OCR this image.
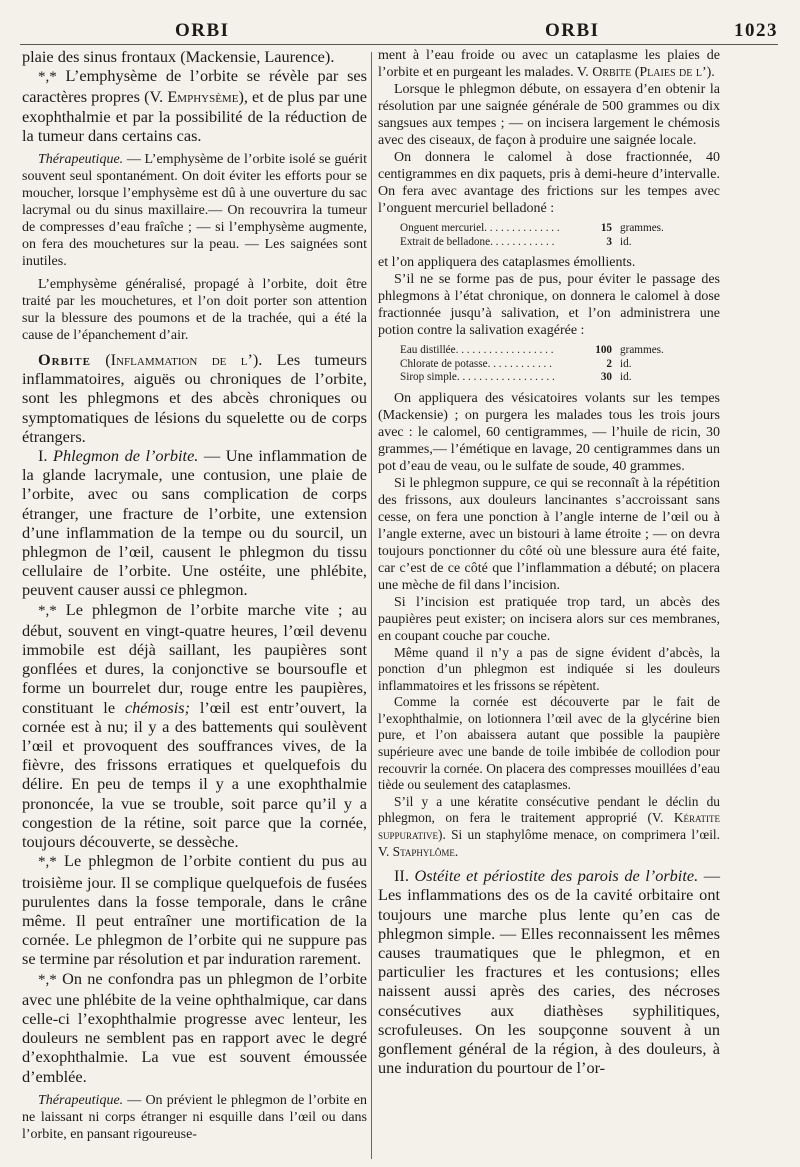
ORBI	ORBI	1023

plaie des sinus frontaux (Mackensie, Laurence).

*,* L’emphysème de l’orbite se révèle par ses caractères propres (V. Emphysème), et de plus par une exophthalmie et par la possibilité de la réduction de la tumeur dans certains cas.

Thérapeutique. — L’emphysème de l’orbite isolé se guérit souvent seul spontanément. On doit éviter les efforts pour se moucher, lorsque l’emphysème est dû à une ouverture du sac lacrymal ou du sinus maxillaire.— On recouvrira la tumeur de compresses d’eau fraîche ; — si l’emphysème augmente, on fera des mouchetures sur la peau. — Les saignées sont inutiles.

L’emphysème généralisé, propagé à l’orbite, doit être traité par les mouchetures, et l’on doit porter son attention sur la blessure des poumons et de la trachée, qui a été la cause de l’épanchement d’air.

Orbite (Inflammation de l’). Les tumeurs inflammatoires, aiguës ou chroniques de l’orbite, sont les phlegmons et des abcès chroniques ou symptomatiques de lésions du squelette ou de corps étrangers.

I. Phlegmon de l’orbite. — Une inflammation de la glande lacrymale, une contusion, une plaie de l’orbite, avec ou sans complication de corps étranger, une fracture de l’orbite, une extension d’une inflammation de la tempe ou du sourcil, un phlegmon de l’œil, causent le phlegmon du tissu cellulaire de l’orbite. Une ostéite, une phlébite, peuvent causer aussi ce phlegmon.

*,* Le phlegmon de l’orbite marche vite ; au début, souvent en vingt-quatre heures, l’œil devenu immobile est déjà saillant, les paupières sont gonflées et dures, la conjonctive se boursoufle et forme un bourrelet dur, rouge entre les paupières, constituant le chémosis; l’œil est entr’ouvert, la cornée est à nu; il y a des battements qui soulèvent l’œil et provoquent des souffrances vives, de la fièvre, des frissons erratiques et quelquefois du délire. En peu de temps il y a une exophthalmie prononcée, la vue se trouble, soit parce qu’il y a congestion de la rétine, soit parce que la cornée, toujours découverte, se dessèche.

*,* Le phlegmon de l’orbite contient du pus au troisième jour. Il se complique quelquefois de fusées purulentes dans la fosse temporale, dans le crâne même. Il peut entraîner une mortification de la cornée. Le phlegmon de l’orbite qui ne suppure pas se termine par résolution et par induration rarement.

*,* On ne confondra pas un phlegmon de l’orbite avec une phlébite de la veine ophthalmique, car dans celle-ci l’exophthalmie progresse avec lenteur, les douleurs ne semblent pas en rapport avec le degré d’exophthalmie. La vue est souvent émoussée d’emblée.

Thérapeutique. — On prévient le phlegmon de l’orbite en ne laissant ni corps étranger ni esquille dans l’œil ou dans l’orbite, en pansant rigoureuse-

ment à l’eau froide ou avec un cataplasme les plaies de l’orbite et en purgeant les malades. V. Orbite (Plaies de l’).

Lorsque le phlegmon débute, on essayera d’en obtenir la résolution par une saignée générale de 500 grammes ou dix sangsues aux tempes ; — on incisera largement le chémosis avec des ciseaux, de façon à produire une saignée locale.

On donnera le calomel à dose fractionnée, 40 centigrammes en dix paquets, pris à demi-heure d’intervalle. On fera avec avantage des frictions sur les tempes avec l’onguent mercuriel belladoné :

Onguent mercuriel. . . . . . . . . . . . . .	15 grammes.
Extrait de belladone. . . . . . . . . . . .	3 id.

et l’on appliquera des cataplasmes émollients.

S’il ne se forme pas de pus, pour éviter le passage des phlegmons à l’état chronique, on donnera le calomel à dose fractionnée jusqu’à salivation, et l’on administrera une potion contre la salivation exagérée :

Eau distillée. . . . . . . . . . . . . . . . . .	100 grammes.
Chlorate de potasse. . . . . . . . . . . .	2 id.
Sirop simple. . . . . . . . . . . . . . . . . .	30 id.

On appliquera des vésicatoires volants sur les tempes (Mackensie) ; on purgera les malades tous les trois jours avec : le calomel, 60 centigrammes, — l’huile de ricin, 30 grammes,— l’émétique en lavage, 20 centigrammes dans un pot d’eau de veau, ou le sulfate de soude, 40 grammes.

Si le phlegmon suppure, ce qui se reconnaît à la répétition des frissons, aux douleurs lancinantes s’accroissant sans cesse, on fera une ponction à l’angle interne de l’œil ou à l’angle externe, avec un bistouri à lame étroite ; — on devra toujours ponctionner du côté où une blessure aura été faite, car c’est de ce côté que l’inflammation a débuté; on placera une mèche de fil dans l’incision.

Si l’incision est pratiquée trop tard, un abcès des paupières peut exister; on incisera alors sur ces membranes, en coupant couche par couche.

Même quand il n’y a pas de signe évident d’abcès, la ponction d’un phlegmon est indiquée si les douleurs inflammatoires et les frissons se répètent.

Comme la cornée est découverte par le fait de l’exophthalmie, on lotionnera l’œil avec de la glycérine bien pure, et l’on abaissera autant que possible la paupière supérieure avec une bande de toile imbibée de collodion pour recouvrir la cornée. On placera des compresses mouillées d’eau tiède ou seulement des cataplasmes.

S’il y a une kératite consécutive pendant le déclin du phlegmon, on fera le traitement approprié (V. Kératite suppurative). Si un staphylôme menace, on comprimera l’œil. V. Staphylôme.

II. Ostéite et périostite des parois de l’orbite. — Les inflammations des os de la cavité orbitaire ont toujours une marche plus lente qu’en cas de phlegmon simple. — Elles reconnaissent les mêmes causes traumatiques que le phlegmon, et en particulier les fractures et les contusions; elles naissent aussi après des caries, des nécroses consécutives aux diathèses syphilitiques, scrofuleuses. On les soupçonne souvent à un gonflement général de la région, à des douleurs, à une induration du pourtour de l’or-
